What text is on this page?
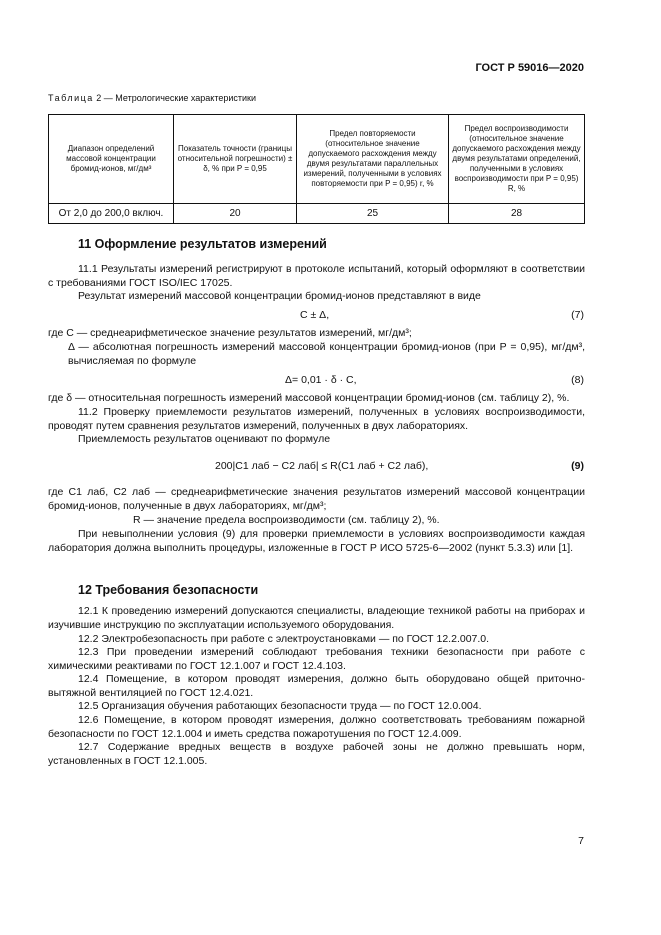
ГОСТ Р 59016—2020
Таблица 2 — Метрологические характеристики
Диапазон определений массовой концентрации бромид-ионов, мг/дм³	Показатель точности (границы относительной погрешности) ± δ, % при P = 0,95	Предел повторяемости (относительное значение допускаемого расхождения между двумя результатами параллельных измерений, полученными в условиях повторяемости при P = 0,95) r, %	Предел воспроизводимости (относительное значение допускаемого расхождения между двумя результатами определений, полученными в условиях воспроизводимости при P = 0,95) R, %
От 2,0 до 200,0 включ.	20	25	28
11 Оформление результатов измерений
11.1 Результаты измерений регистрируют в протоколе испытаний, который оформляют в соответствии с требованиями ГОСТ ISO/IEC 17025.
Результат измерений массовой концентрации бромид-ионов представляют в виде
C ± Δ,	(7)
где C — среднеарифметическое значение результатов измерений, мг/дм³;
Δ — абсолютная погрешность измерений массовой концентрации бромид-ионов (при P = 0,95), мг/дм³, вычисляемая по формуле
Δ= 0,01 · δ · C,	(8)
где δ — относительная погрешность измерений массовой концентрации бромид-ионов (см. таблицу 2), %.
11.2 Проверку приемлемости результатов измерений, полученных в условиях воспроизводимости, проводят путем сравнения результатов измерений, полученных в двух лабораториях.
Приемлемость результатов оценивают по формуле
200|C1 лаб − C2 лаб| ≤ R(C1 лаб + C2 лаб),	(9)
где C1 лаб, C2 лаб — среднеарифметические значения результатов измерений массовой концентрации бромид-ионов, полученные в двух лабораториях, мг/дм³;
R — значение предела воспроизводимости (см. таблицу 2), %.
При невыполнении условия (9) для проверки приемлемости в условиях воспроизводимости каждая лаборатория должна выполнить процедуры, изложенные в ГОСТ Р ИСО 5725-6—2002 (пункт 5.3.3) или [1].
12 Требования безопасности
12.1 К проведению измерений допускаются специалисты, владеющие техникой работы на приборах и изучившие инструкцию по эксплуатации используемого оборудования.
12.2 Электробезопасность при работе с электроустановками — по ГОСТ 12.2.007.0.
12.3 При проведении измерений соблюдают требования техники безопасности при работе с химическими реактивами по ГОСТ 12.1.007 и ГОСТ 12.4.103.
12.4 Помещение, в котором проводят измерения, должно быть оборудовано общей приточно-вытяжной вентиляцией по ГОСТ 12.4.021.
12.5 Организация обучения работающих безопасности труда — по ГОСТ 12.0.004.
12.6 Помещение, в котором проводят измерения, должно соответствовать требованиям пожарной безопасности по ГОСТ 12.1.004 и иметь средства пожаротушения по ГОСТ 12.4.009.
12.7 Содержание вредных веществ в воздухе рабочей зоны не должно превышать норм, установленных в ГОСТ 12.1.005.
7
